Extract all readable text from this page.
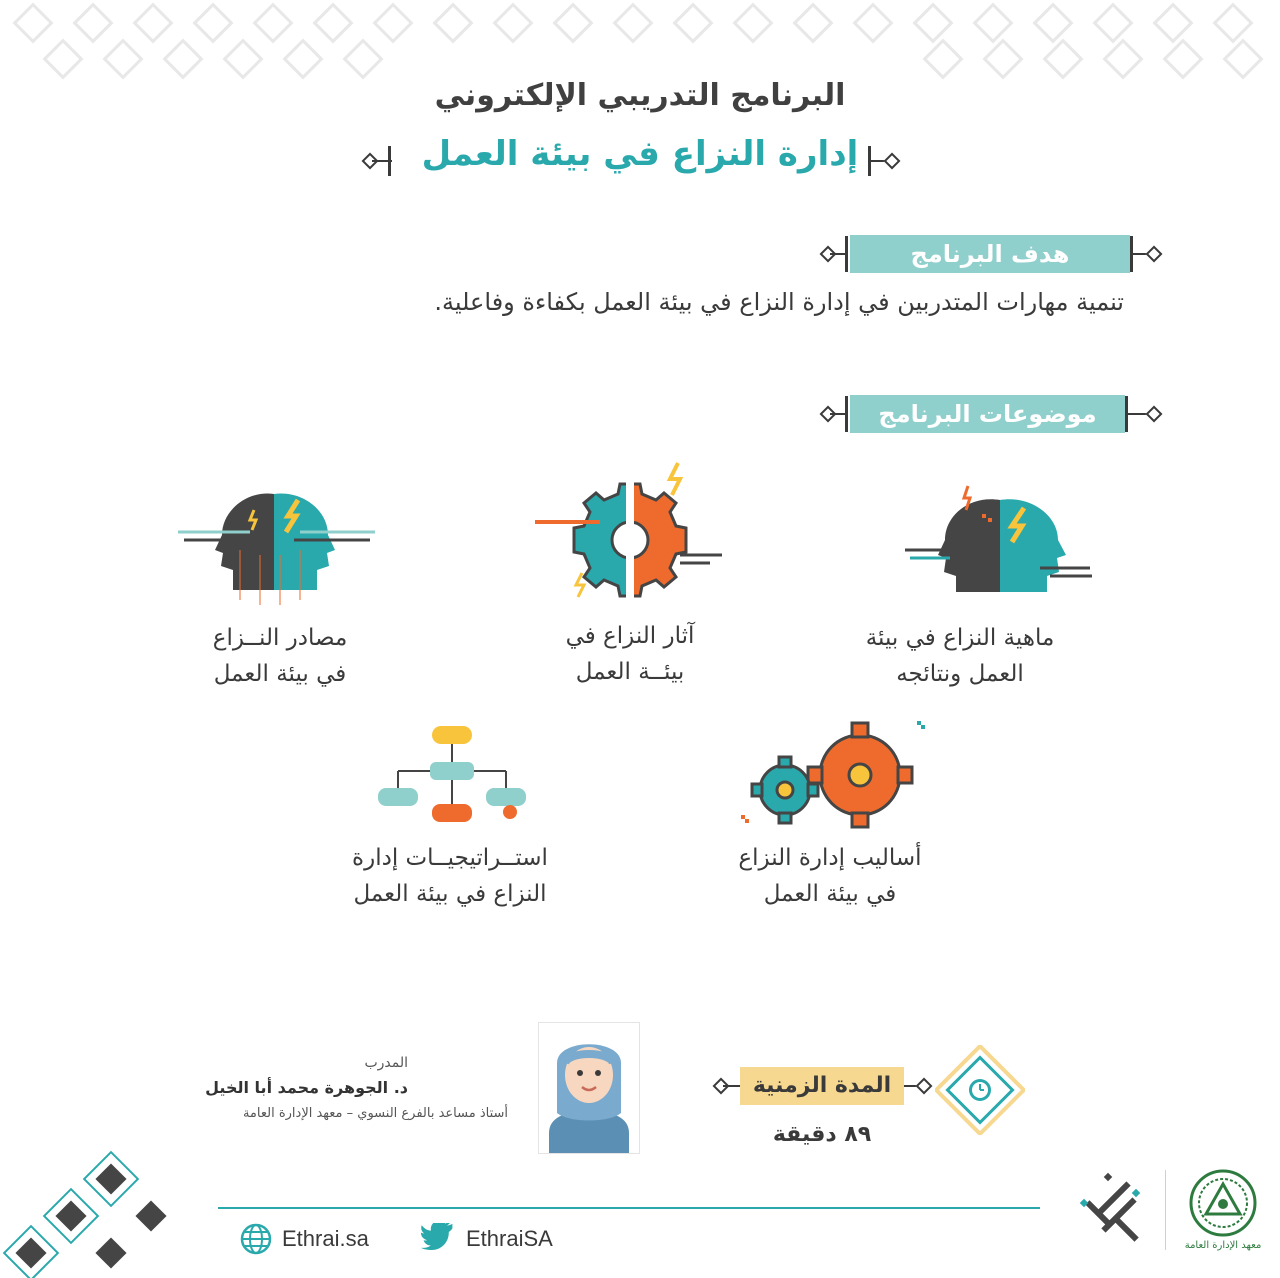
البرنامج التدريبي الإلكتروني
إدارة النزاع في بيئة العمل
هدف البرنامج
تنمية مهارات المتدربين في إدارة النزاع في بيئة العمل بكفاءة وفاعلية.
موضوعات البرنامج
ماهية النزاع في بيئة
العمل ونتائجه
آثار النزاع في
بيئــة العمل
مصادر النــزاع
في بيئة العمل
أساليب إدارة النزاع
في بيئة العمل
استــراتيجيــات إدارة
النزاع في بيئة العمل
المدرب
د. الجوهرة محمد أبا الخيل
أستاذ مساعد بالفرع النسوي – معهد الإدارة العامة
المدة الزمنية
٨٩ دقيقة
Ethrai.sa	EthraiSA	معهد الإدارة العامة
